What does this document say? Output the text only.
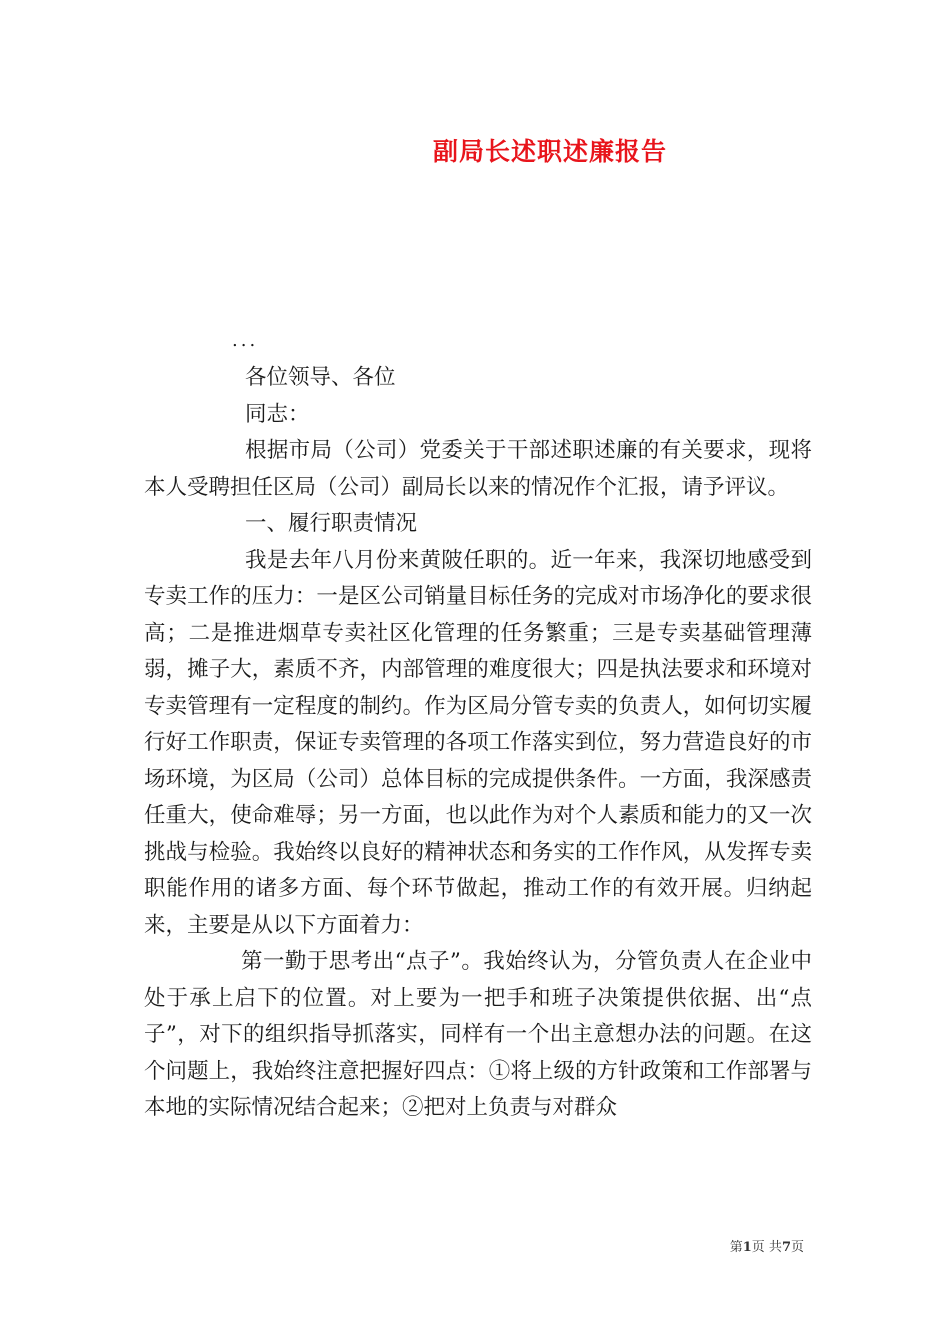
副局长述职述廉报告
...

各位领导、各位

同志：

根据市局（公司）党委关于干部述职述廉的有关要求，现将本人受聘担任区局（公司）副局长以来的情况作个汇报，请予评议。

一、履行职责情况

我是去年八月份来黄陂任职的。近一年来，我深切地感受到专卖工作的压力：一是区公司销量目标任务的完成对市场净化的要求很高；二是推进烟草专卖社区化管理的任务繁重；三是专卖基础管理薄弱，摊子大，素质不齐，内部管理的难度很大；四是执法要求和环境对专卖管理有一定程度的制约。作为区局分管专卖的负责人，如何切实履行好工作职责，保证专卖管理的各项工作落实到位，努力营造良好的市场环境，为区局（公司）总体目标的完成提供条件。一方面，我深感责任重大，使命难辱；另一方面，也以此作为对个人素质和能力的又一次挑战与检验。我始终以良好的精神状态和务实的工作作风，从发挥专卖职能作用的诸多方面、每个环节做起，推动工作的有效开展。归纳起来，主要是从以下方面着力：

第一勤于思考出“点子”。我始终认为，分管负责人在企业中处于承上启下的位置。对上要为一把手和班子决策提供依据、出“点子”，对下的组织指导抓落实，同样有一个出主意想办法的问题。在这个问题上，我始终注意把握好四点：①将上级的方针政策和工作部署与本地的实际情况结合起来；②把对上负责与对群众

第1页 共7页
